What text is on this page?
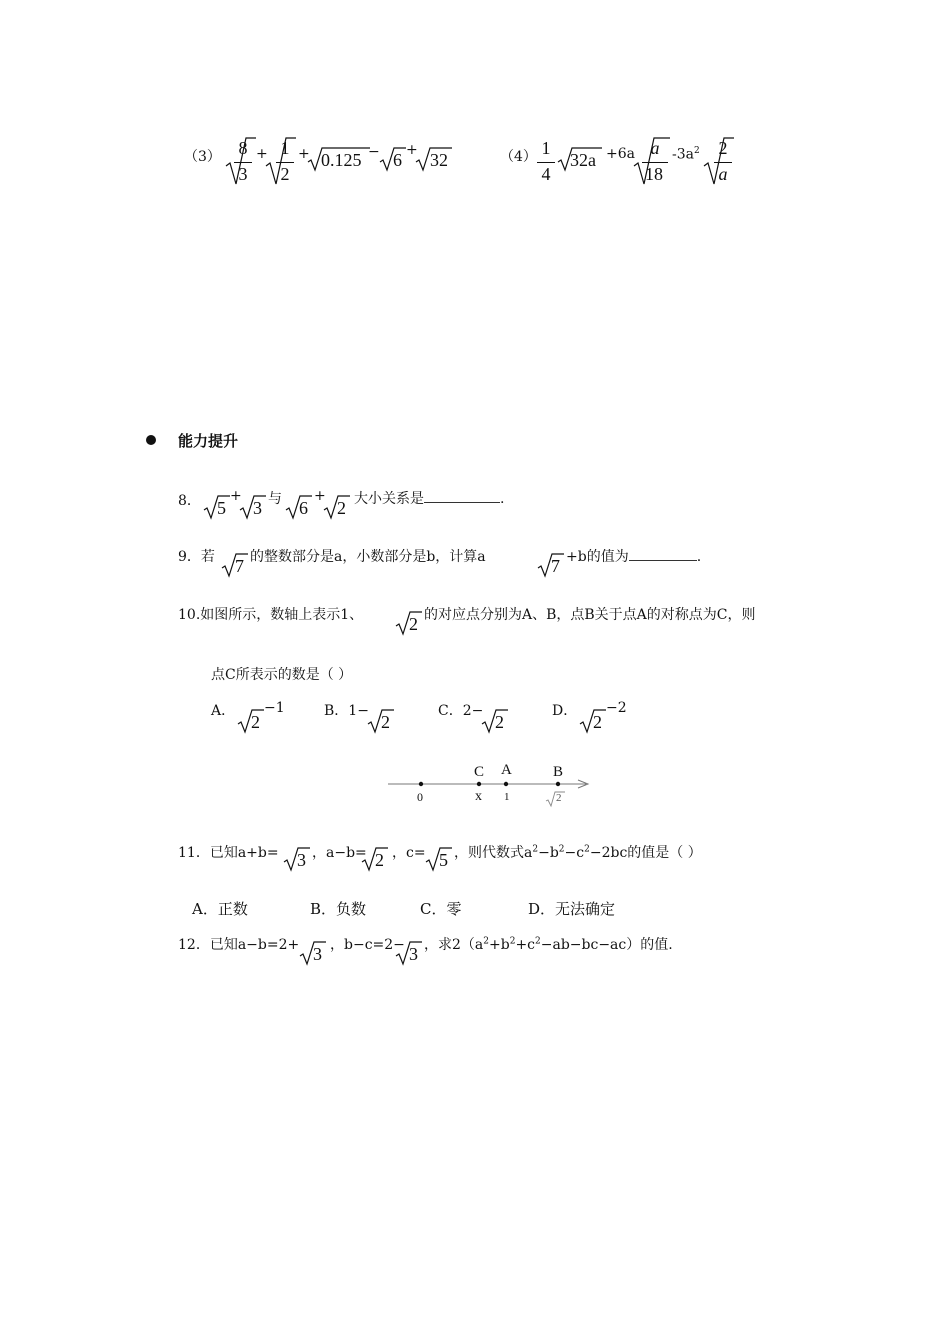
（3） 8
3
+ 1
2
+ 0.125 − 6 + 32	（4） 1
4
32a +6a a
18
$-3a^2$ 2
a
能力提升
8． 5
+
3 与 6
+
2 大小关系是	.
9．若 7 的整数部分是a，小数部分是b，计算a	7 +b的值为	.
10.如图所示，数轴上表示1、	2 的对应点分别为A、B，点B关于点A的对称点为C，则
点C所表示的数是（ ）
A．
2
−1	B．1−
2
C．2−
2
D．
2
−2
C A	B
0	x 1	2
11．已知a+b= 3 ，a−b= 2 ，c= 5 ，则代数式$a^2-b^2-c^2-2bc$的值是（ ）
A．正数	B．负数	C．零	D．无法确定
12．已知a−b=2+ 3 ，b−c=2− 3 ，求$2(a^2+b^2+c^2-ab-bc-ac)$的值.
